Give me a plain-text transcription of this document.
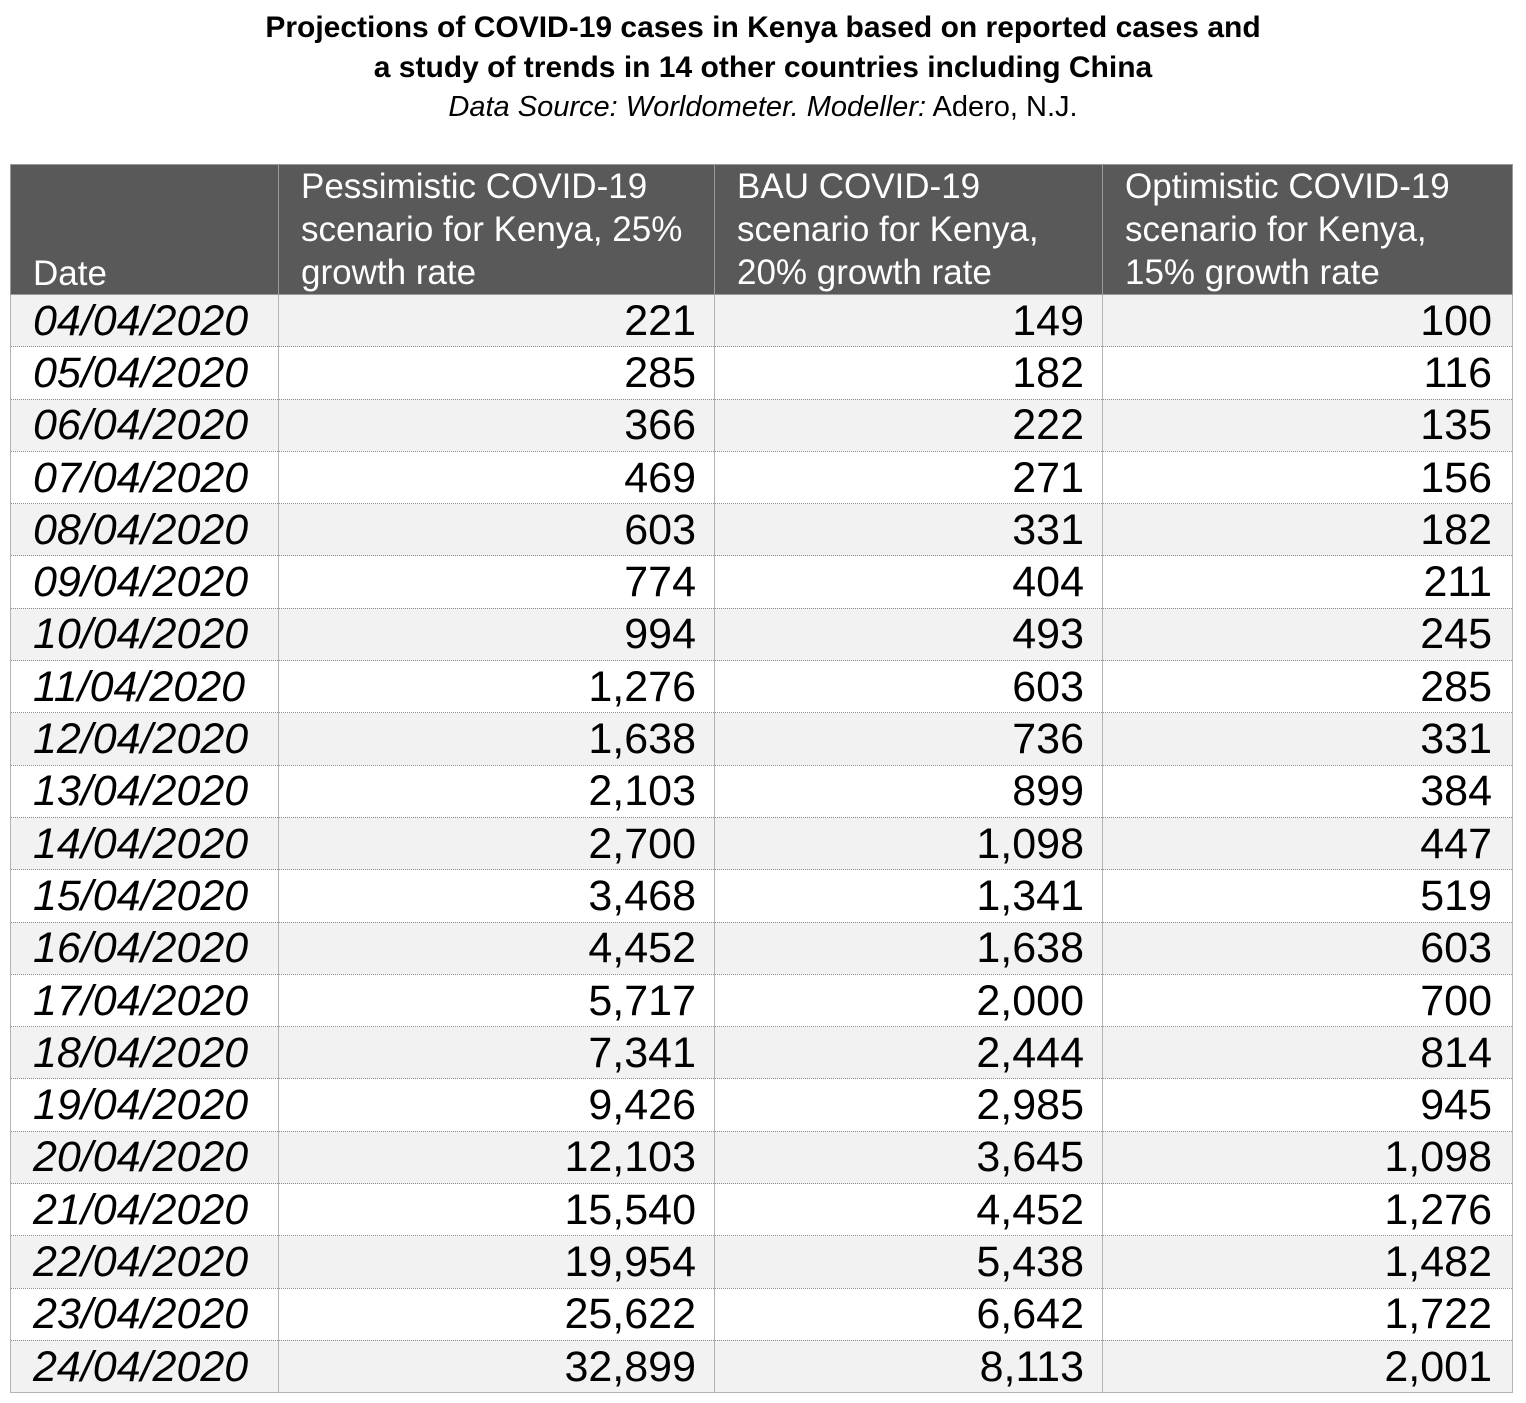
Projections of COVID-19 cases in Kenya based on reported cases and
a study of trends in 14 other countries including China
Data Source: Worldometer. Modeller: Adero, N.J.
Date	Pessimistic COVID-19 scenario for Kenya, 25% growth rate	BAU COVID-19 scenario for Kenya, 20% growth rate	Optimistic COVID-19 scenario for Kenya, 15% growth rate
04/04/2020	221	149	100
05/04/2020	285	182	116
06/04/2020	366	222	135
07/04/2020	469	271	156
08/04/2020	603	331	182
09/04/2020	774	404	211
10/04/2020	994	493	245
11/04/2020	1,276	603	285
12/04/2020	1,638	736	331
13/04/2020	2,103	899	384
14/04/2020	2,700	1,098	447
15/04/2020	3,468	1,341	519
16/04/2020	4,452	1,638	603
17/04/2020	5,717	2,000	700
18/04/2020	7,341	2,444	814
19/04/2020	9,426	2,985	945
20/04/2020	12,103	3,645	1,098
21/04/2020	15,540	4,452	1,276
22/04/2020	19,954	5,438	1,482
23/04/2020	25,622	6,642	1,722
24/04/2020	32,899	8,113	2,001
